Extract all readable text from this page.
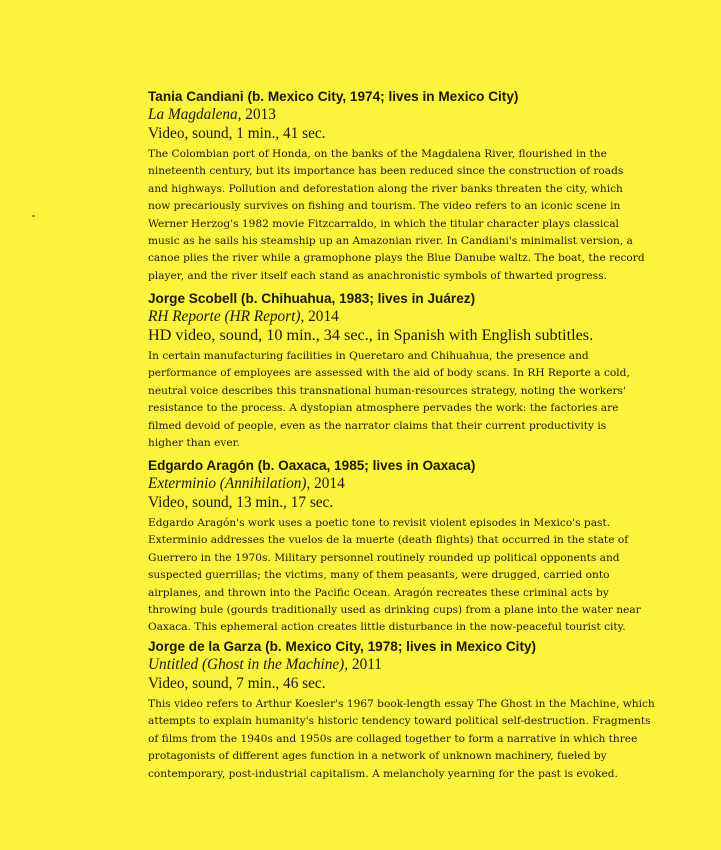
Tania Candiani (b. Mexico City, 1974; lives in Mexico City)

La Magdalena, 2013

Video, sound, 1 min., 41 sec.

The Colombian port of Honda, on the banks of the Magdalena River, flourished in the
nineteenth century, but its importance has been reduced since the construction of roads
and highways. Pollution and deforestation along the river banks threaten the city, which
now precariously survives on fishing and tourism. The video refers to an iconic scene in
Werner Herzog's 1982 movie Fitzcarraldo, in which the titular character plays classical
music as he sails his steamship up an Amazonian river. In Candiani's minimalist version, a
canoe plies the river while a gramophone plays the Blue Danube waltz. The boat, the record
player, and the river itself each stand as anachronistic symbols of thwarted progress.

Jorge Scobell (b. Chihuahua, 1983; lives in Juárez)

RH Reporte (HR Report), 2014

HD video, sound, 10 min., 34 sec., in Spanish with English subtitles.

In certain manufacturing facilities in Queretaro and Chihuahua, the presence and
performance of employees are assessed with the aid of body scans. In RH Reporte a cold,
neutral voice describes this transnational human-resources strategy, noting the workers'
resistance to the process. A dystopian atmosphere pervades the work: the factories are
filmed devoid of people, even as the narrator claims that their current productivity is
higher than ever.

Edgardo Aragón (b. Oaxaca, 1985; lives in Oaxaca)

Exterminio (Annihilation), 2014

Video, sound, 13 min., 17 sec.

Edgardo Aragón's work uses a poetic tone to revisit violent episodes in Mexico's past.
Exterminio addresses the vuelos de la muerte (death flights) that occurred in the state of
Guerrero in the 1970s. Military personnel routinely rounded up political opponents and
suspected guerrillas; the victims, many of them peasants, were drugged, carried onto
airplanes, and thrown into the Pacific Ocean. Aragón recreates these criminal acts by
throwing bule (gourds traditionally used as drinking cups) from a plane into the water near
Oaxaca. This ephemeral action creates little disturbance in the now-peaceful tourist city.

Jorge de la Garza (b. Mexico City, 1978; lives in Mexico City)

Untitled (Ghost in the Machine), 2011

Video, sound, 7 min., 46 sec.

This video refers to Arthur Koesler's 1967 book-length essay The Ghost in the Machine, which
attempts to explain humanity's historic tendency toward political self-destruction. Fragments
of films from the 1940s and 1950s are collaged together to form a narrative in which three
protagonists of different ages function in a network of unknown machinery, fueled by
contemporary, post-industrial capitalism. A melancholy yearning for the past is evoked.
